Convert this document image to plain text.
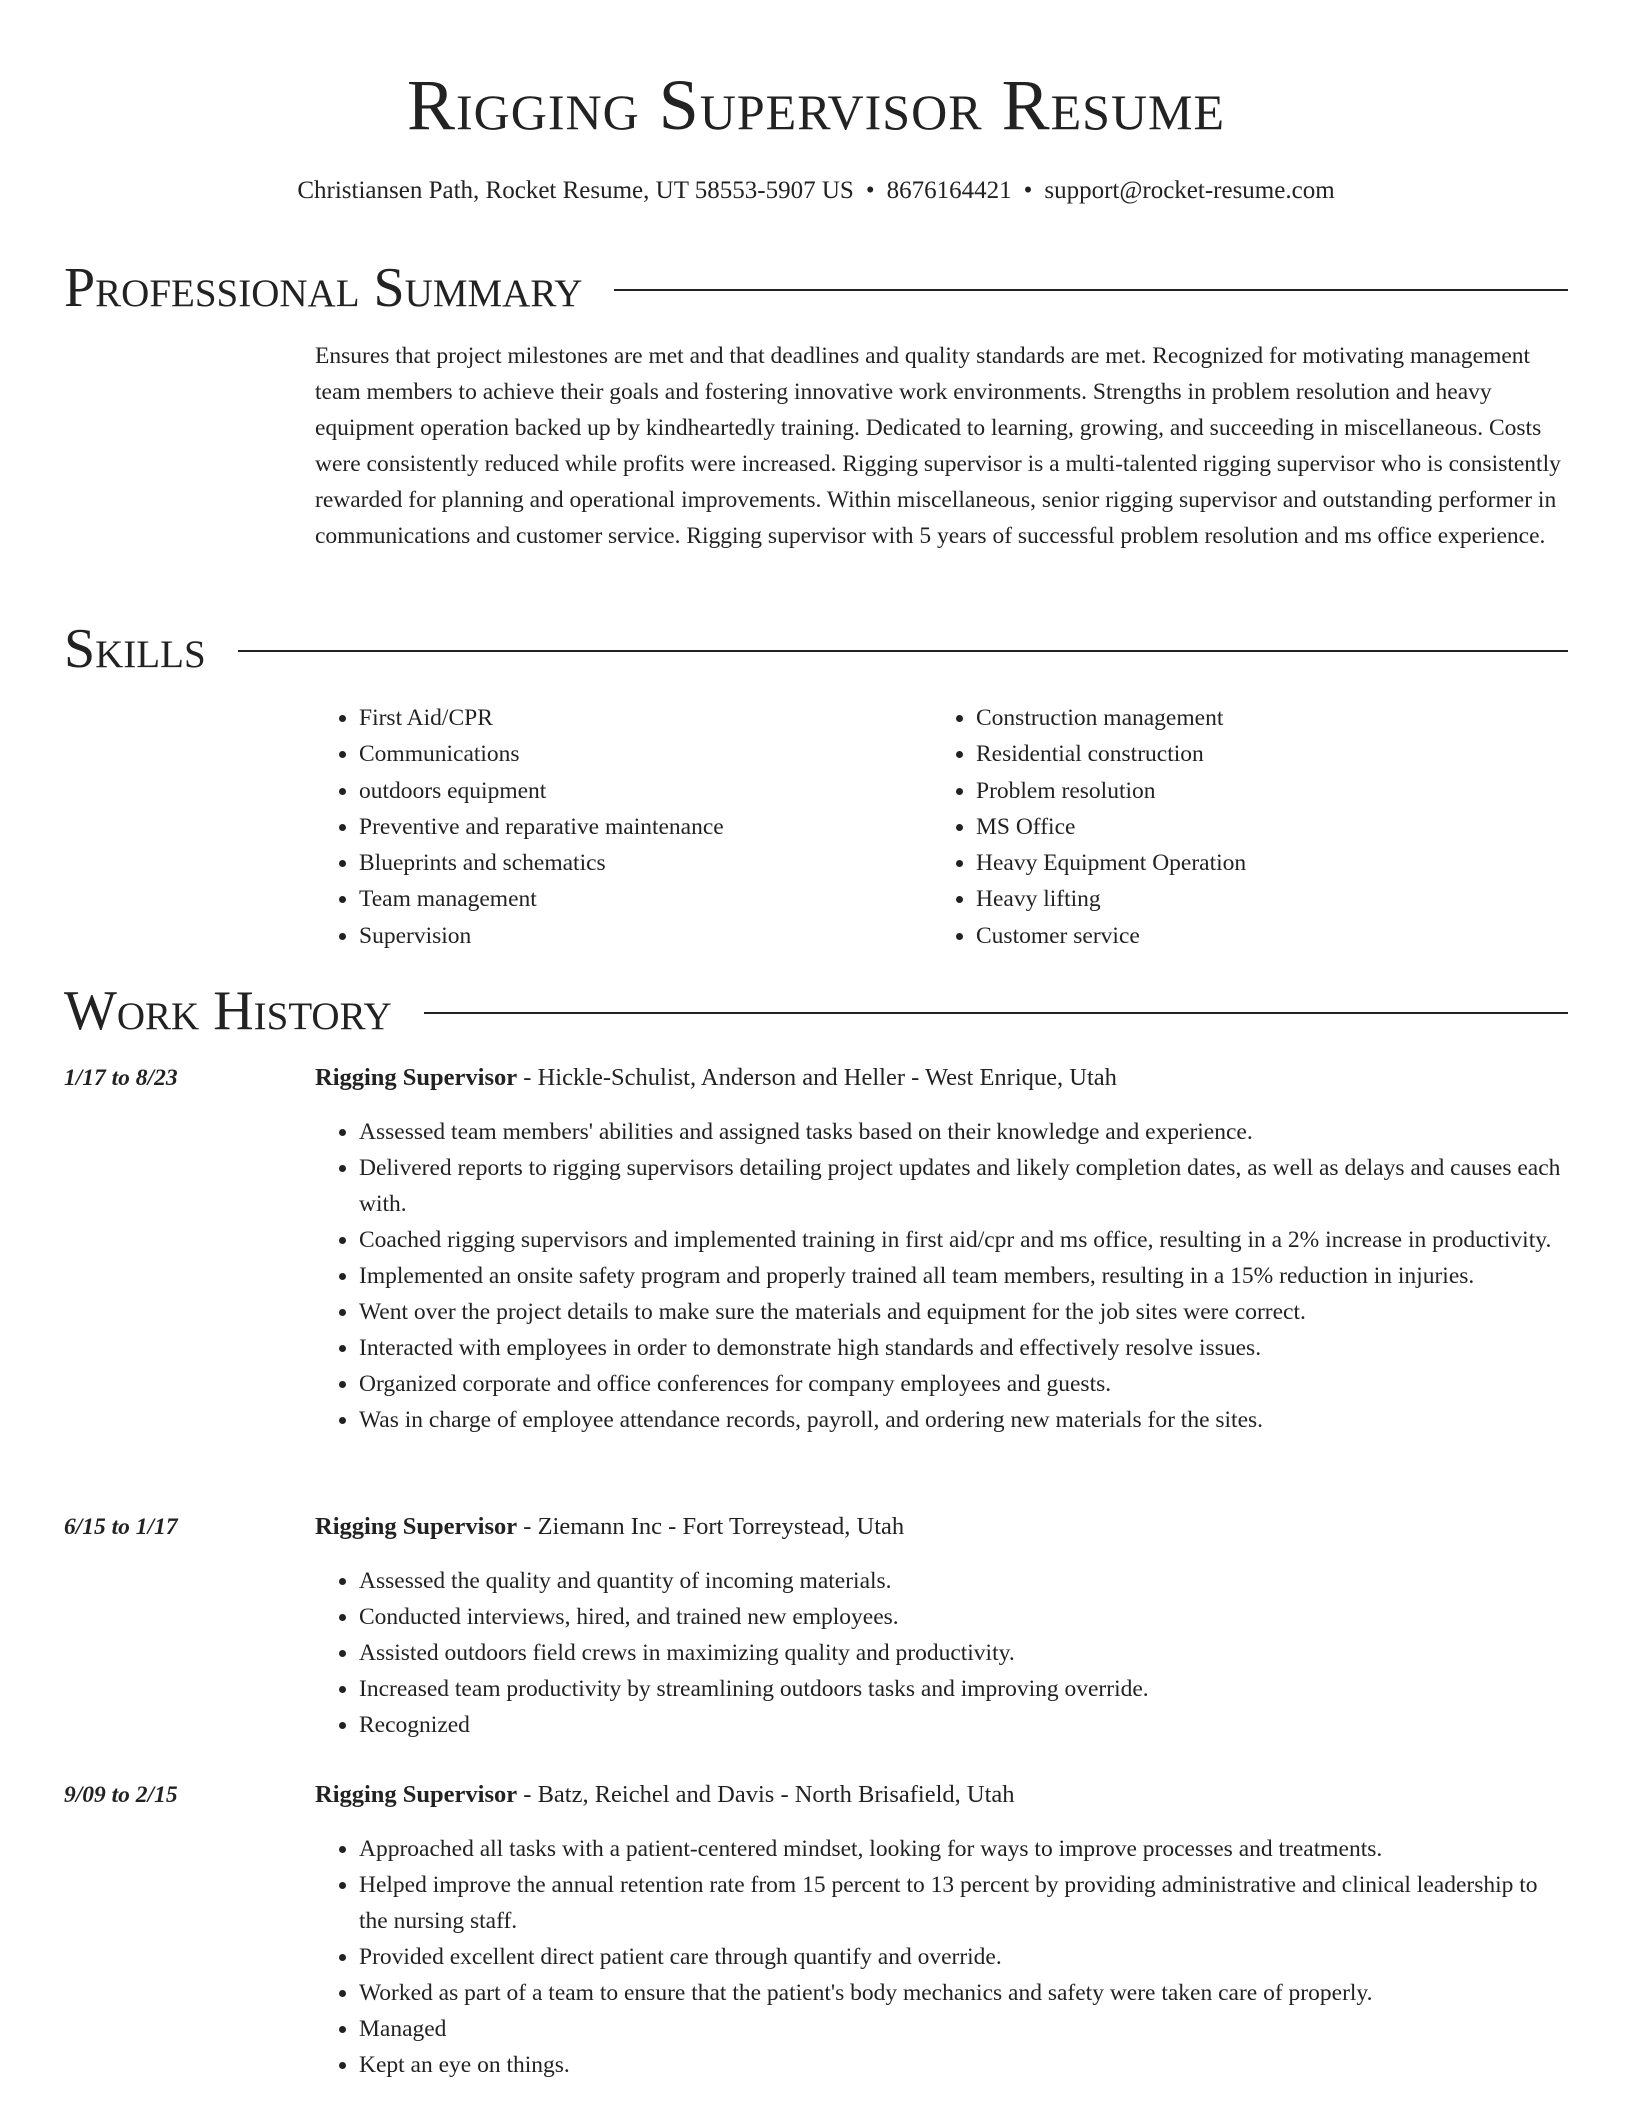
Rigging Supervisor Resume
Christiansen Path, Rocket Resume, UT 58553-5907 US • 8676164421 • support@rocket-resume.com
Professional Summary

Ensures that project milestones are met and that deadlines and quality standards are met. Recognized for motivating management team members to achieve their goals and fostering innovative work environments. Strengths in problem resolution and heavy equipment operation backed up by kindheartedly training. Dedicated to learning, growing, and succeeding in miscellaneous. Costs were consistently reduced while profits were increased. Rigging supervisor is a multi-talented rigging supervisor who is consistently rewarded for planning and operational improvements. Within miscellaneous, senior rigging supervisor and outstanding performer in communications and customer service. Rigging supervisor with 5 years of successful problem resolution and ms office experience.

Skills
• First Aid/CPR
• Communications
• outdoors equipment
• Preventive and reparative maintenance
• Blueprints and schematics
• Team management
• Supervision
• Construction management
• Residential construction
• Problem resolution
• MS Office
• Heavy Equipment Operation
• Heavy lifting
• Customer service
Work History
1/17 to 8/23	Rigging Supervisor - Hickle-Schulist, Anderson and Heller - West Enrique, Utah
• Assessed team members' abilities and assigned tasks based on their knowledge and experience.
• Delivered reports to rigging supervisors detailing project updates and likely completion dates, as well as delays and causes each with.
• Coached rigging supervisors and implemented training in first aid/cpr and ms office, resulting in a 2% increase in productivity.
• Implemented an onsite safety program and properly trained all team members, resulting in a 15% reduction in injuries.
• Went over the project details to make sure the materials and equipment for the job sites were correct.
• Interacted with employees in order to demonstrate high standards and effectively resolve issues.
• Organized corporate and office conferences for company employees and guests.
• Was in charge of employee attendance records, payroll, and ordering new materials for the sites.
6/15 to 1/17	Rigging Supervisor - Ziemann Inc - Fort Torreystead, Utah
• Assessed the quality and quantity of incoming materials.
• Conducted interviews, hired, and trained new employees.
• Assisted outdoors field crews in maximizing quality and productivity.
• Increased team productivity by streamlining outdoors tasks and improving override.
• Recognized
9/09 to 2/15	Rigging Supervisor - Batz, Reichel and Davis - North Brisafield, Utah
• Approached all tasks with a patient-centered mindset, looking for ways to improve processes and treatments.
• Helped improve the annual retention rate from 15 percent to 13 percent by providing administrative and clinical leadership to the nursing staff.
• Provided excellent direct patient care through quantify and override.
• Worked as part of a team to ensure that the patient's body mechanics and safety were taken care of properly.
• Managed
• Kept an eye on things.
